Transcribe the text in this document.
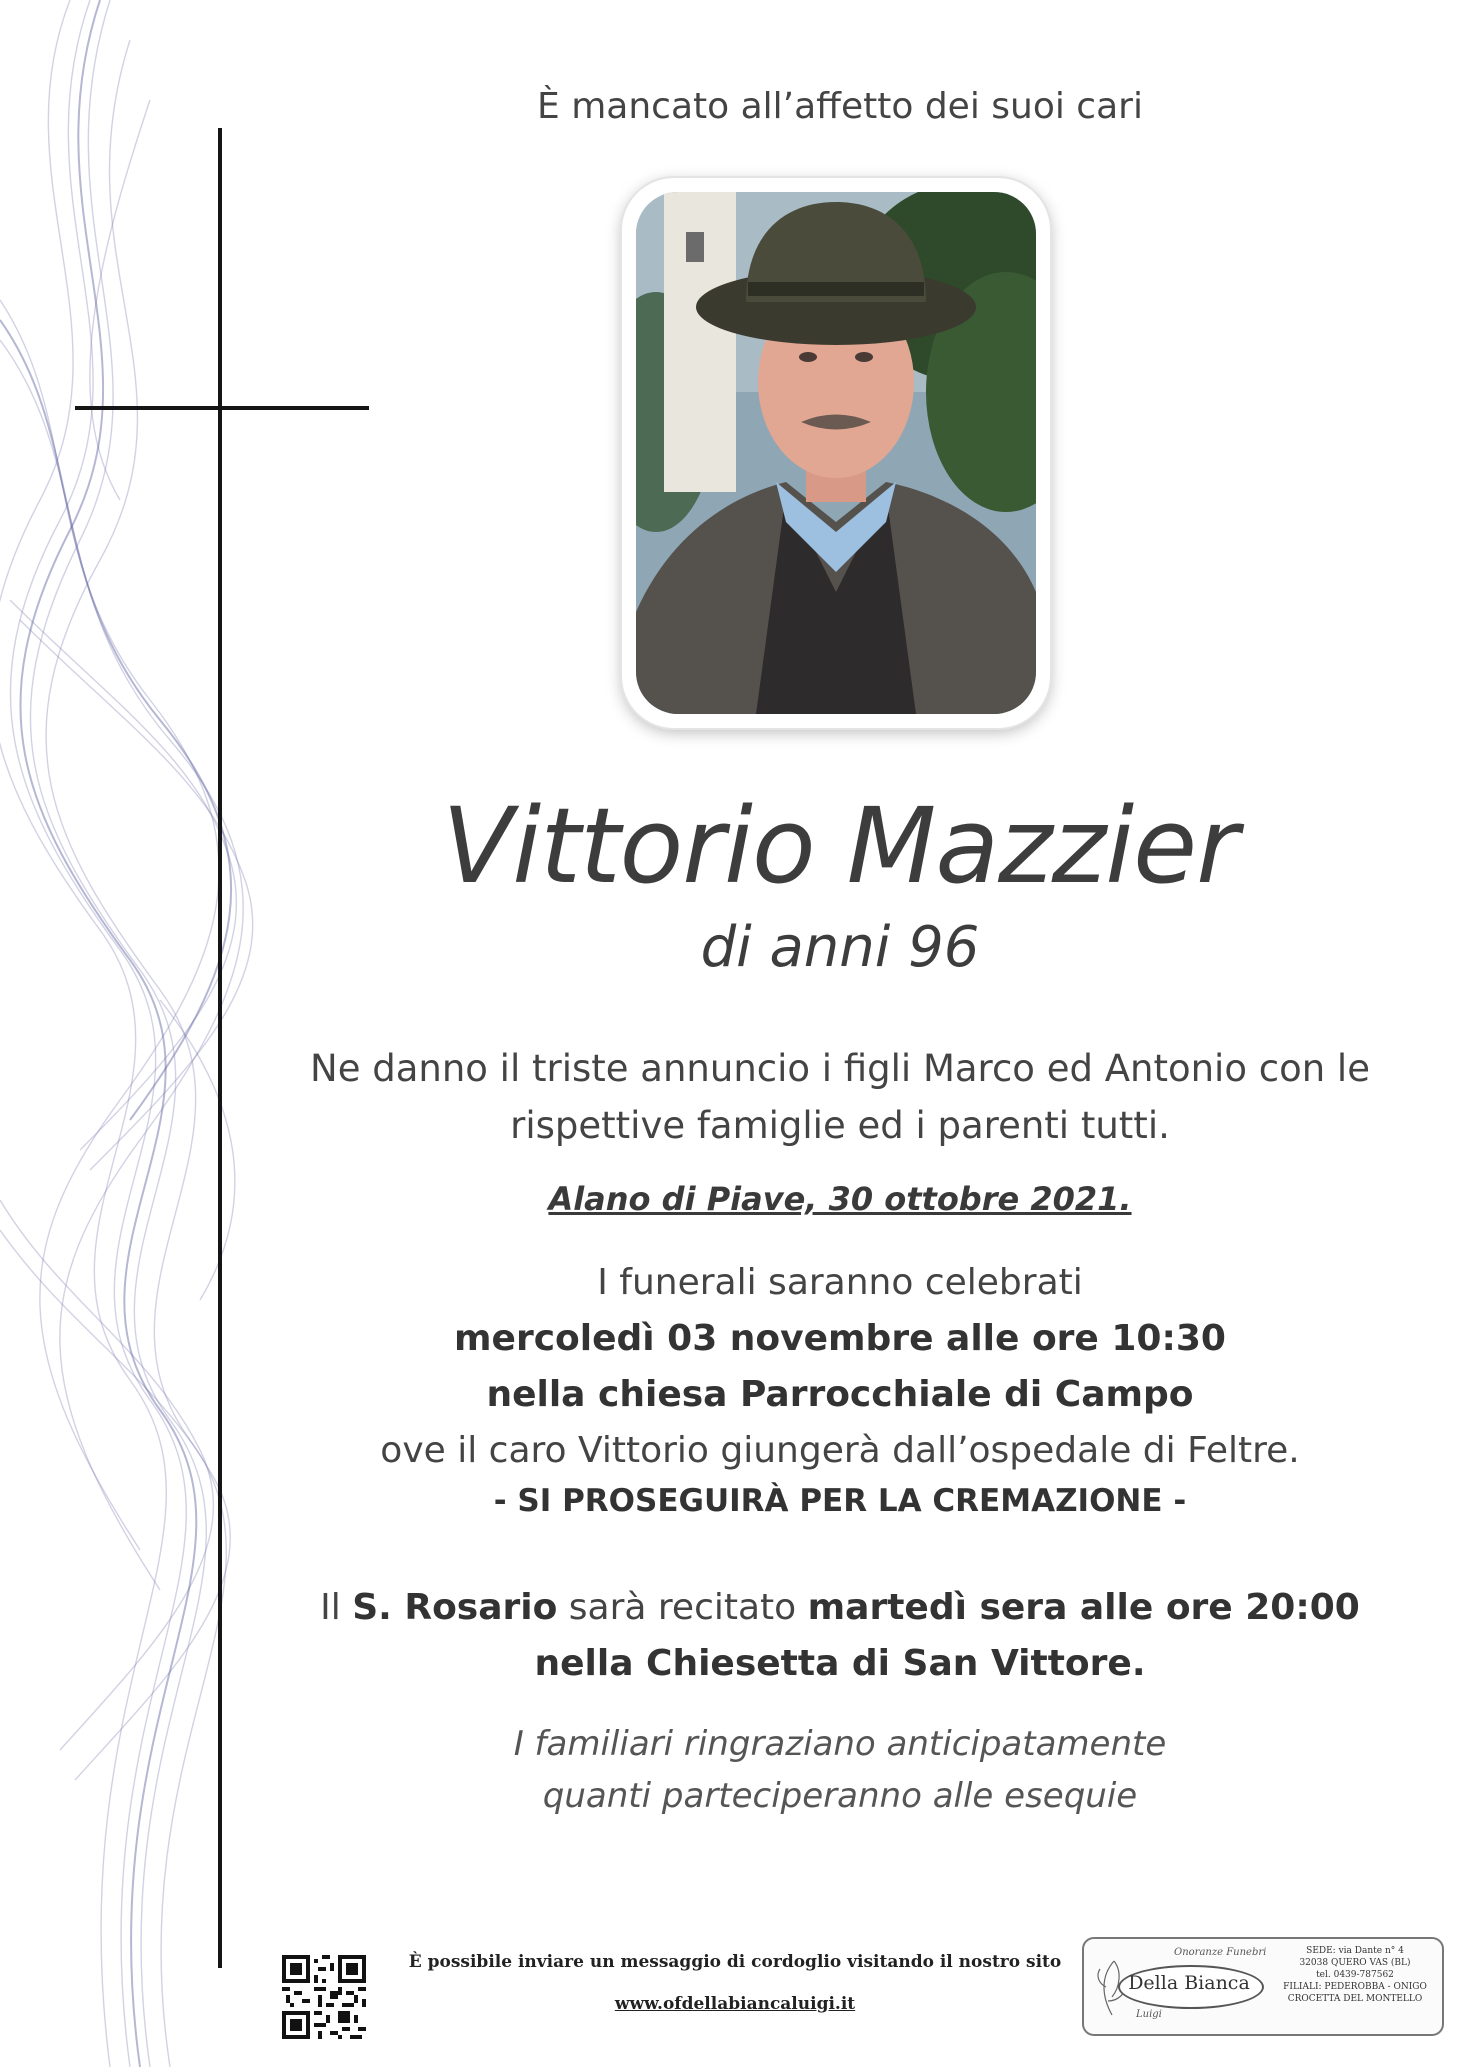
È mancato all’affetto dei suoi cari
Vittorio Mazzier
di anni 96
Ne danno il triste annuncio i figli Marco ed Antonio con le
rispettive famiglie ed i parenti tutti.
Alano di Piave, 30 ottobre 2021.
I funerali saranno celebrati
mercoledì 03 novembre alle ore 10:30
nella chiesa Parrocchiale di Campo
ove il caro Vittorio giungerà dall’ospedale di Feltre.
- SI PROSEGUIRÀ PER LA CREMAZIONE -
Il S. Rosario sarà recitato martedì sera alle ore 20:00
nella Chiesetta di San Vittore.
I familiari ringraziano anticipatamente
quanti parteciperanno alle esequie
È possibile inviare un messaggio di cordoglio visitando il nostro sito
www.ofdellabiancaluigi.it
Onoranze Funebri
Della Bianca
Luigi
SEDE: via Dante n° 4
32038 QUERO VAS (BL)
tel. 0439-787562
FILIALI: PEDEROBBA - ONIGO
CROCETTA DEL MONTELLO
